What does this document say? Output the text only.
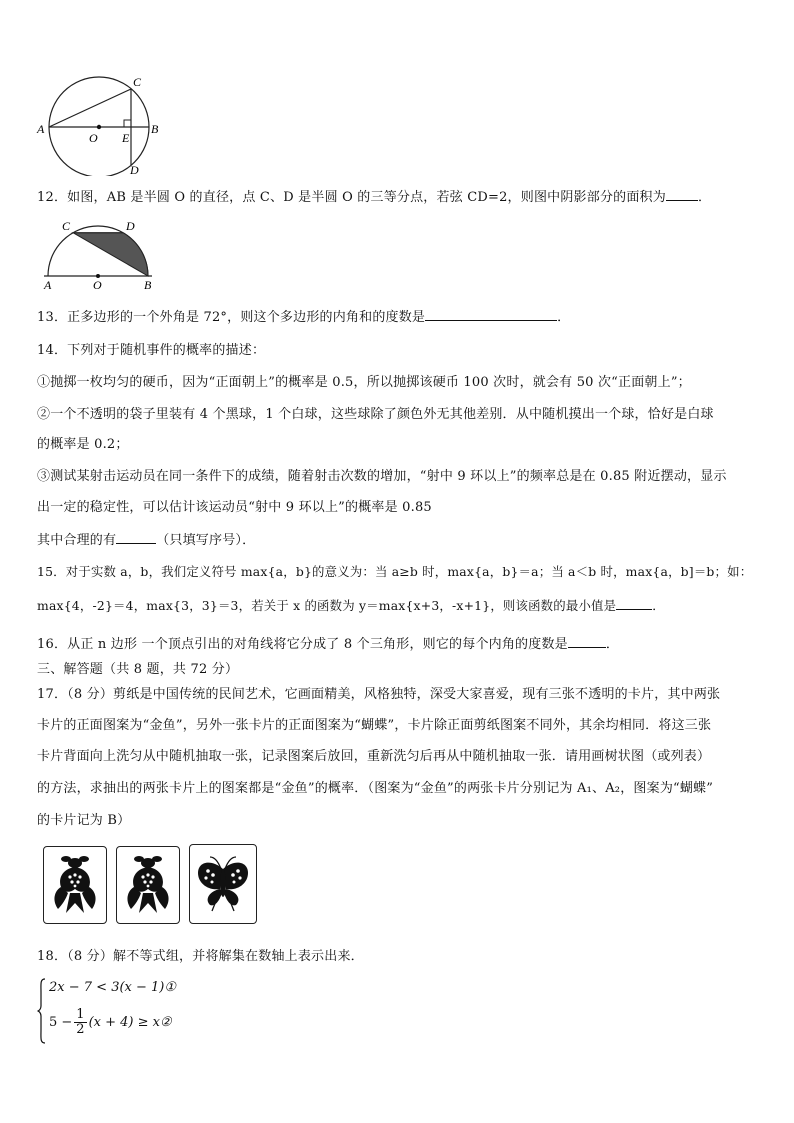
C
A	B
O E
D
12．如图，AB 是半圆 O 的直径，点 C、D 是半圆 O 的三等分点，若弦 CD=2，则图中阴影部分的面积为 ．
C	D
A	O	B
13．正多边形的一个外角是 72°，则这个多边形的内角和的度数是	．
14．下列对于随机事件的概率的描述：
①抛掷一枚均匀的硬币，因为“正面朝上”的概率是 0.5，所以抛掷该硬币 100 次时，就会有 50 次“正面朝上”；
②一个不透明的袋子里装有 4 个黑球，1 个白球，这些球除了颜色外无其他差别．从中随机摸出一个球，恰好是白球
的概率是 0.2；
③测试某射击运动员在同一条件下的成绩，随着射击次数的增加，“射中 9 环以上”的频率总是在 0.85 附近摆动，显示
出一定的稳定性，可以估计该运动员“射中 9 环以上”的概率是 0.85
其中合理的有	（只填写序号）．
15．对于实数 a，b，我们定义符号 max{a，b}的意义为：当 a≥b 时，max{a，b}＝a；当 a＜b 时，max{a，b]＝b；如：
max{4，-2}＝4，max{3，3}＝3，若关于 x 的函数为 y＝max{x+3，-x+1}，则该函数的最小值是	．
16．从正 n 边形 一个顶点引出的对角线将它分成了 8 个三角形，则它的每个内角的度数是	．
三、解答题（共 8 题，共 72 分）
17．（8 分）剪纸是中国传统的民间艺术，它画面精美，风格独特，深受大家喜爱，现有三张不透明的卡片，其中两张
卡片的正面图案为“金鱼”，另外一张卡片的正面图案为“蝴蝶”，卡片除正面剪纸图案不同外，其余均相同．将这三张
卡片背面向上洗匀从中随机抽取一张，记录图案后放回，重新洗匀后再从中随机抽取一张．请用画树状图（或列表）
的方法，求抽出的两张卡片上的图案都是“金鱼”的概率．（图案为“金鱼”的两张卡片分别记为 A₁、A₂，图案为“蝴蝶”
的卡片记为 B）
18．（8 分）解不等式组，并将解集在数轴上表示出来．
2x − 7 < 3(x − 1)①
$5 - \frac{1}{2} (x + 4)$ ≥ x②
